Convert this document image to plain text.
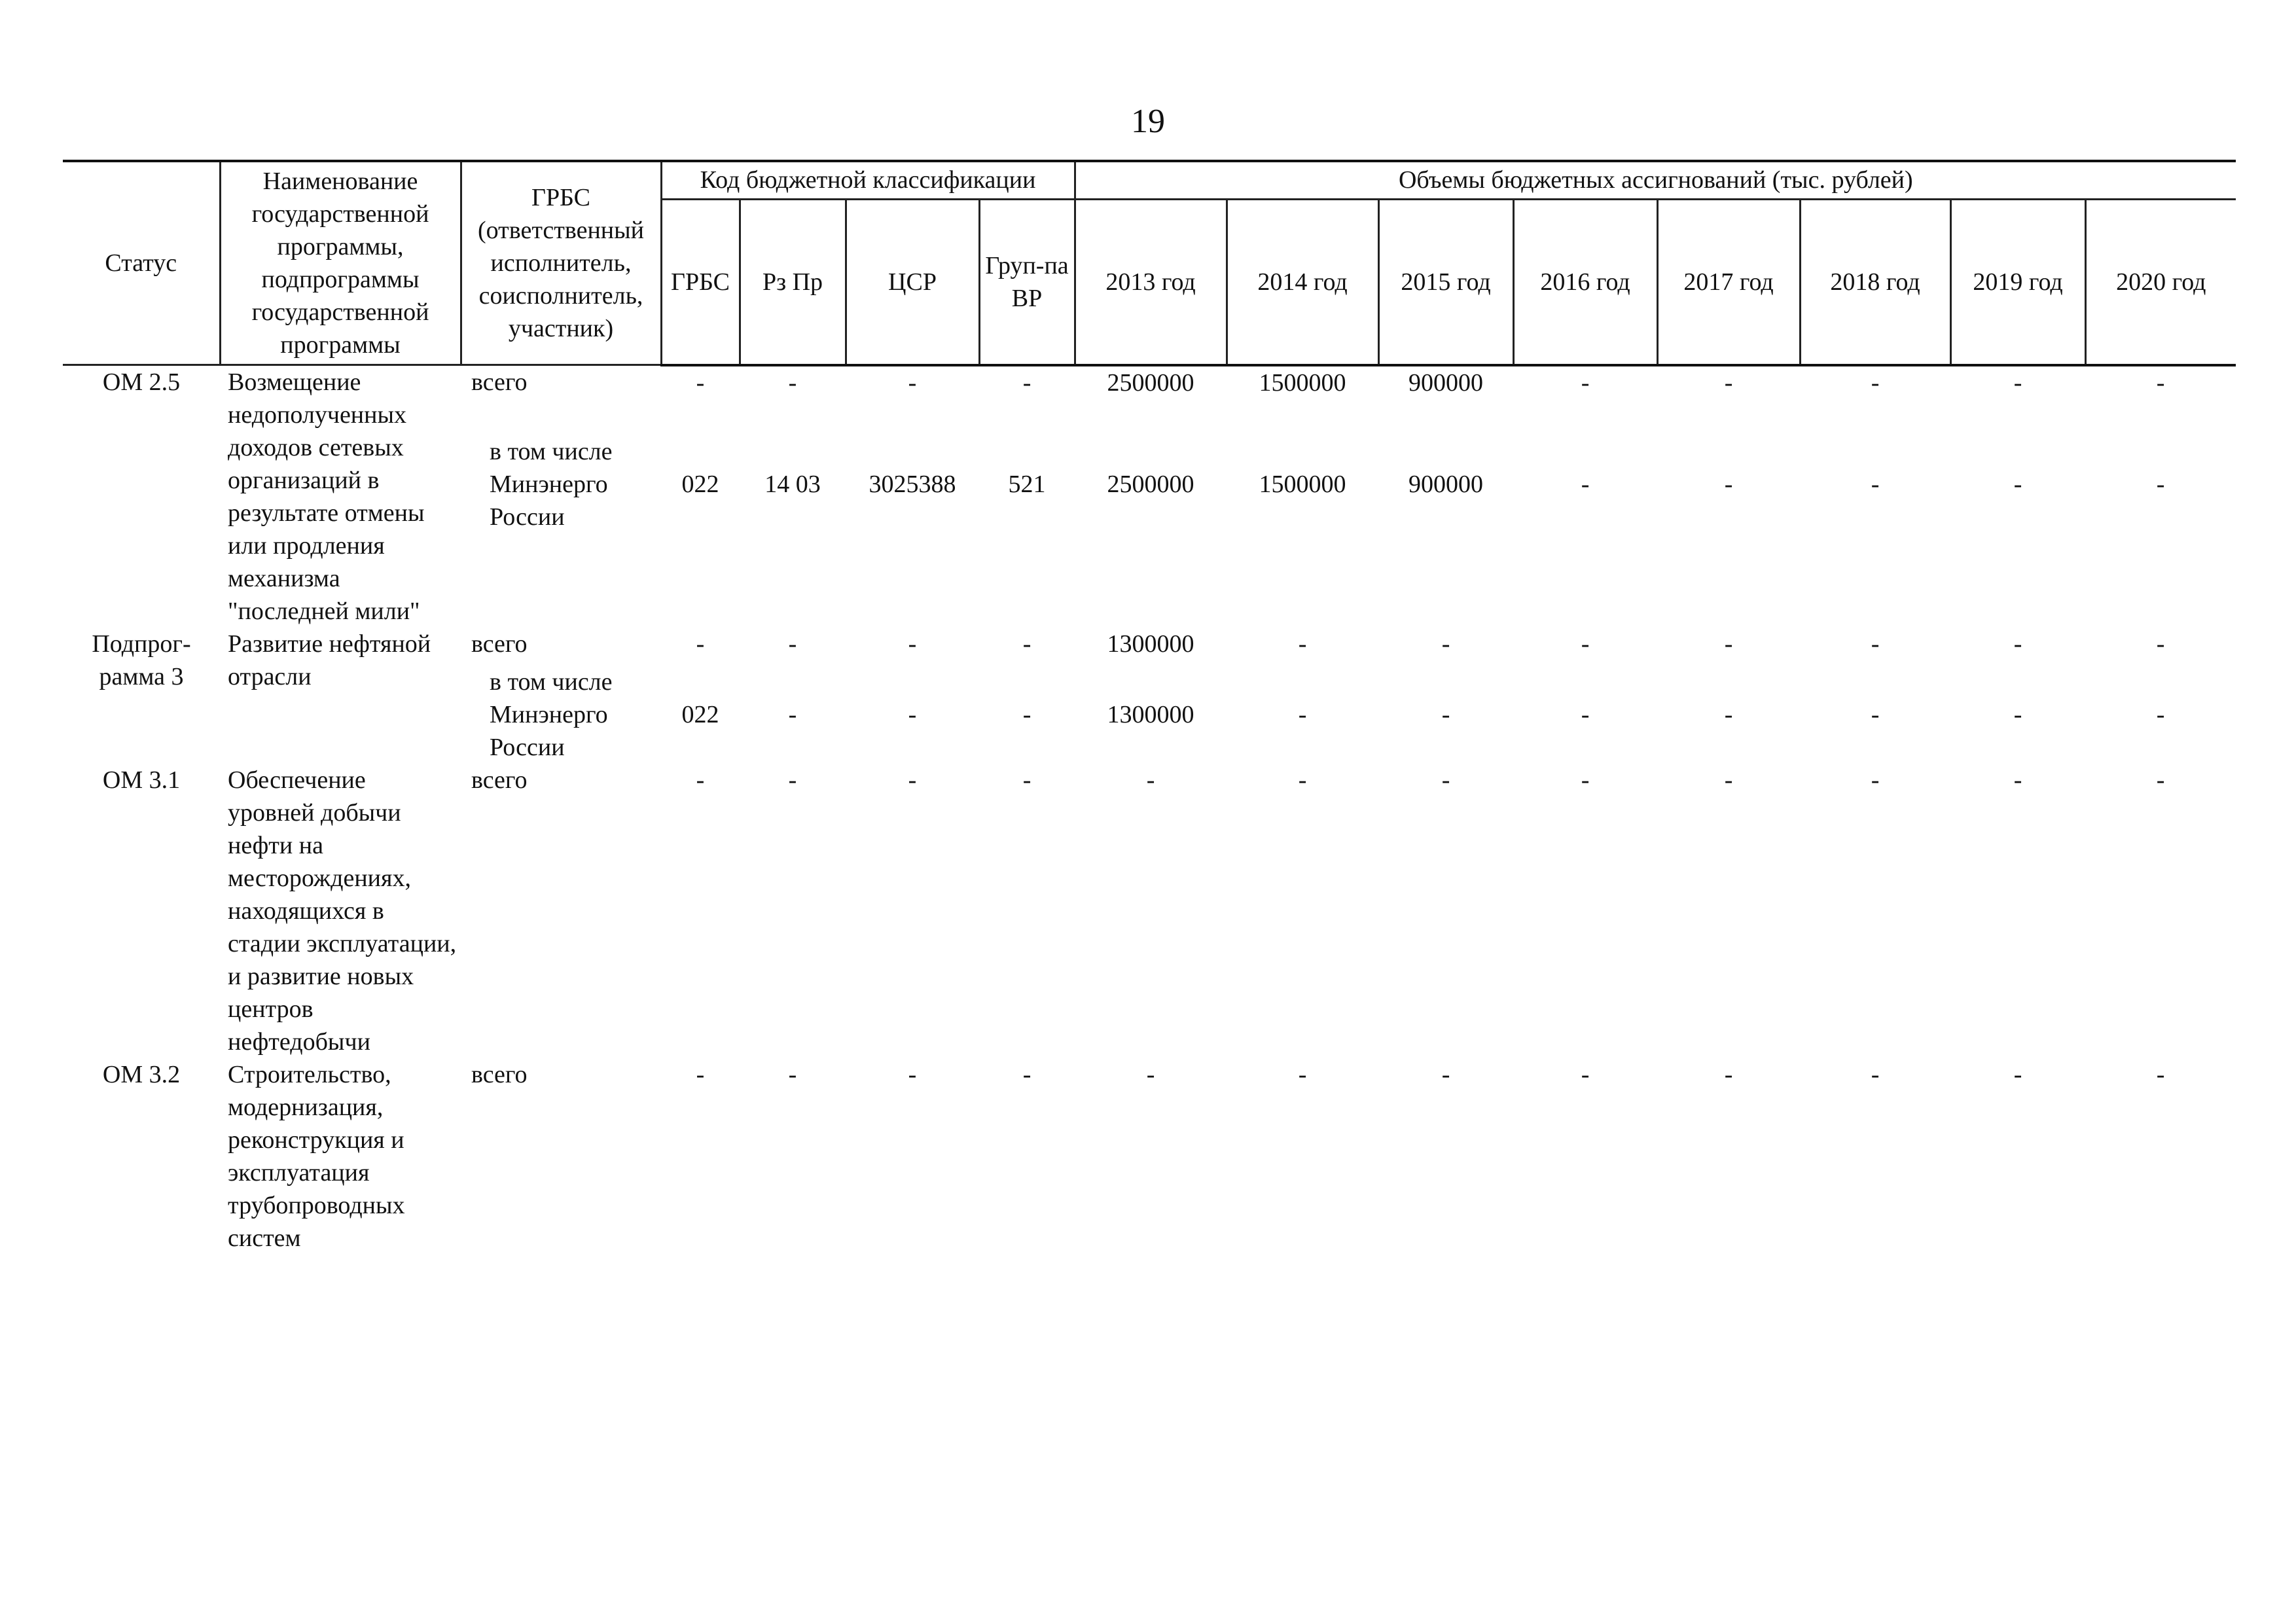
19
Статус	Наименование государственной программы, подпрограммы государственной программы	ГРБС (ответственный исполнитель, соисполнитель, участник)	Код бюджетной классификации				Объемы бюджетных ассигнований (тыс. рублей)							
			ГРБС	Рз Пр	ЦСР	Груп-па ВР	2013 год	2014 год	2015 год	2016 год	2017 год	2018 год	2019 год	2020 год
ОМ 2.5	Возмещение недополученных доходов сетевых организаций в результате отмены или продления механизма "последней мили"	всего	-	-	-	-	2500000	1500000	900000	-	-	-	-	-
		в том числе Минэнерго России	022	14 03	3025388	521	2500000	1500000	900000	-	-	-	-	-
Подпрог-рамма 3	Развитие нефтяной отрасли	всего	-	-	-	-	1300000	-	-	-	-	-	-	-
		в том числе Минэнерго России	022	-	-	-	1300000	-	-	-	-	-	-	-
ОМ 3.1	Обеспечение уровней добычи нефти на месторождениях, находящихся в стадии эксплуатации, и развитие новых центров нефтедобычи	всего	-	-	-	-	-	-	-	-	-	-	-	-
ОМ 3.2	Строительство, модернизация, реконструкция и эксплуатация трубопроводных систем	всего	-	-	-	-	-	-	-	-	-	-	-	-
